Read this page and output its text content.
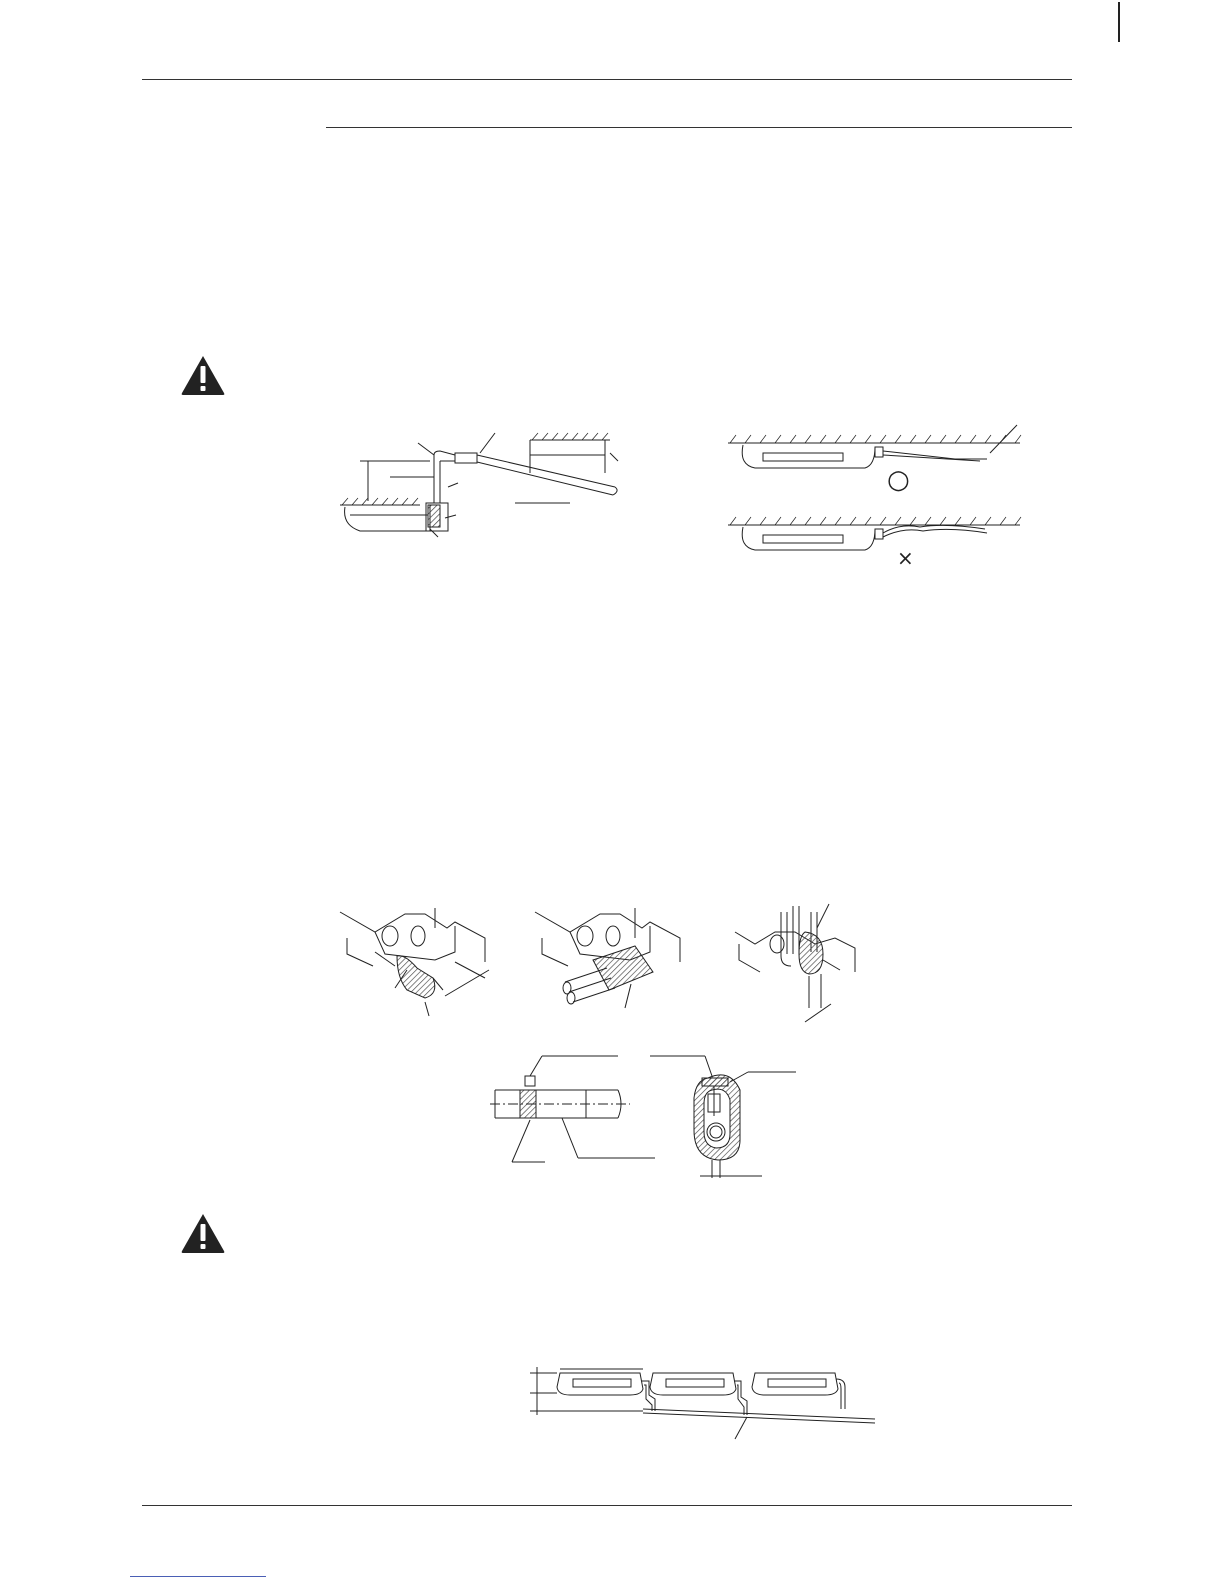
○
×
